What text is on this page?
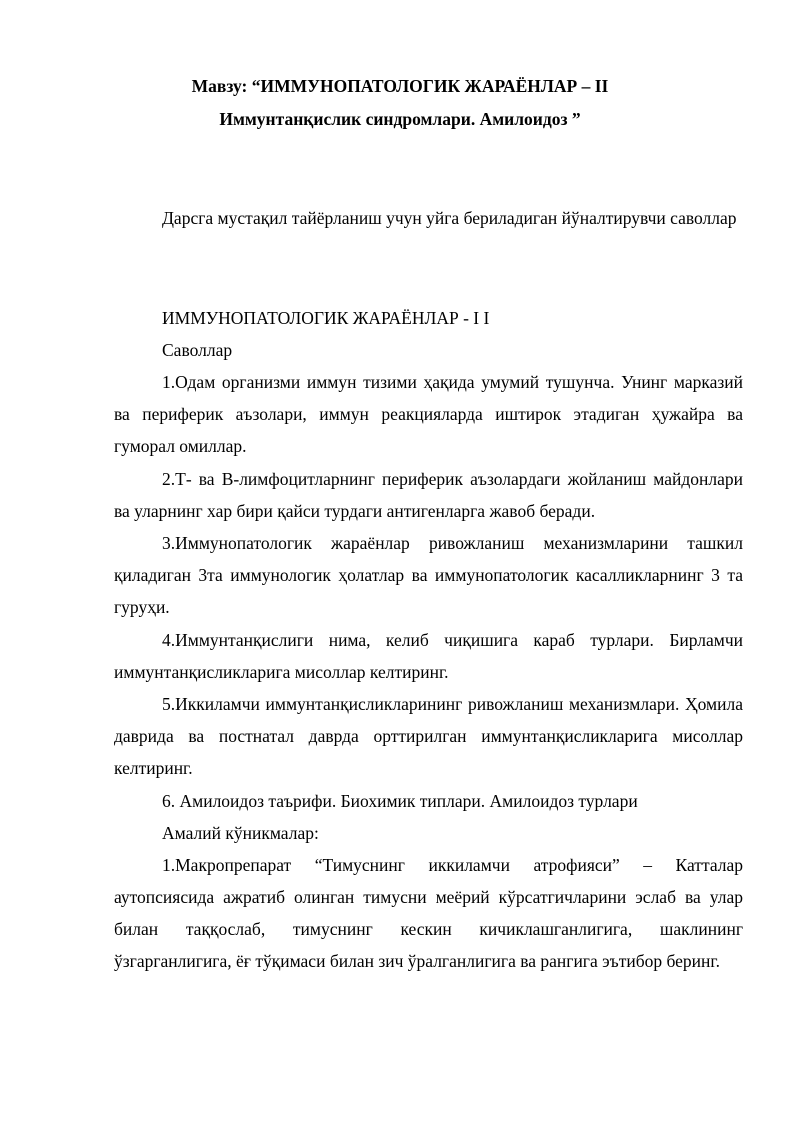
Мавзу: “ИММУНОПАТОЛОГИК ЖАРАЁНЛАР – II
Иммунтанқислик синдромлари. Амилоидоз ”
Дарсга мустақил тайёрланиш учун уйга бериладиган йўналтирувчи саволлар
ИММУНОПАТОЛОГИК ЖАРАЁНЛАР - I I
Саволлар
1.Одам организми иммун тизими ҳақида умумий тушунча. Унинг марказий ва периферик аъзолари, иммун реакцияларда иштирок этадиган ҳужайра ва гуморал омиллар.
2.Т- ва В-лимфоцитларнинг периферик аъзолардаги жойланиш майдонлари ва уларнинг хар бири қайси турдаги антигенларга жавоб беради.
3.Иммунопатологик жараёнлар ривожланиш механизмларини ташкил қиладиган 3та иммунологик ҳолатлар ва иммунопатологик касалликларнинг 3 та гуруҳи.
4.Иммунтанқислиги нима, келиб чиқишига караб турлари. Бирламчи иммунтанқисликларига мисоллар келтиринг.
5.Иккиламчи иммунтанқисликларининг ривожланиш механизмлари. Ҳомила даврида ва постнатал даврда орттирилган иммунтанқисликларига мисоллар келтиринг.
6. Амилоидоз таърифи. Биохимик типлари. Амилоидоз турлари
Амалий кўникмалар:
1.Макропрепарат “Тимуснинг иккиламчи атрофияси” – Катталар аутопсиясида ажратиб олинган тимусни меёрий кўрсатгичларини эслаб ва улар билан таққослаб, тимуснинг кескин кичиклашганлигига, шаклининг ўзгарганлигига, ёғ тўқимаси билан зич ўралганлигига ва рангига эътибор беринг.
